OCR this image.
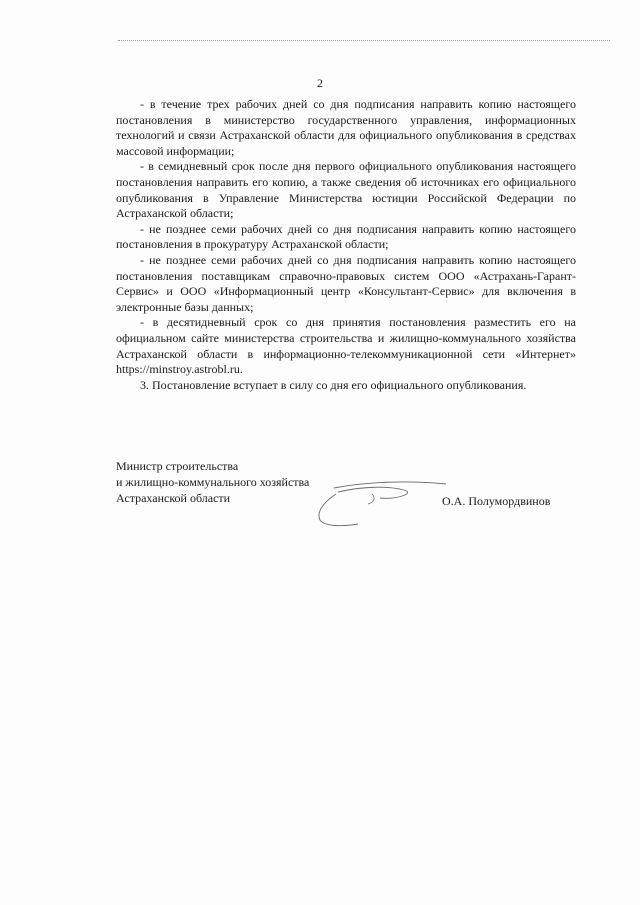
2

- в течение трех рабочих дней со дня подписания направить копию настоящего постановления в министерство государственного управления, информационных технологий и связи Астраханской области для официального опубликования в средствах массовой информации;

- в семидневный срок после дня первого официального опубликования настоящего постановления направить его копию, а также сведения об источниках его официального опубликования в Управление Министерства юстиции Российской Федерации по Астраханской области;

- не позднее семи рабочих дней со дня подписания направить копию настоящего постановления в прокуратуру Астраханской области;

- не позднее семи рабочих дней со дня подписания направить копию настоящего постановления поставщикам справочно-правовых систем ООО «Астрахань-Гарант-Сервис» и ООО «Информационный центр «Консультант-Сервис» для включения в электронные базы данных;

- в десятидневный срок со дня принятия постановления разместить его на официальном сайте министерства строительства и жилищно-коммунального хозяйства Астраханской области в информационно-телекоммуникационной сети «Интернет» https://minstroy.astrobl.ru.

3. Постановление вступает в силу со дня его официального опубликования.

Министр строительства
и жилищно-коммунального хозяйства
Астраханской области	О.А. Полумордвинов
